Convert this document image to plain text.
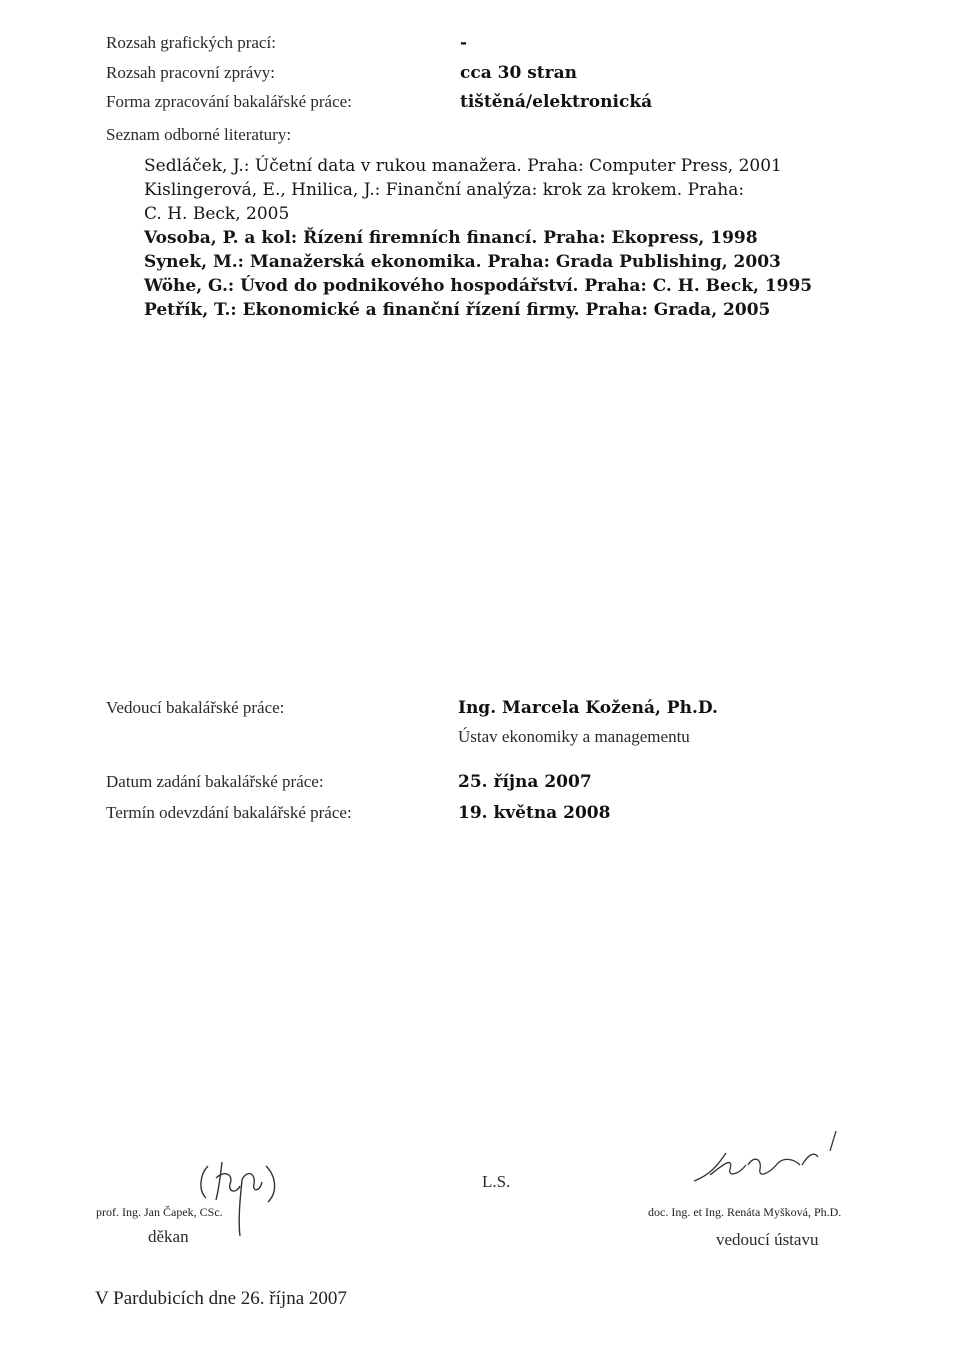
Rozsah grafických prací:	-
Rozsah pracovní zprávy:	cca 30 stran
Forma zpracování bakalářské práce:	tištěná/elektronická
Seznam odborné literatury:
Sedláček, J.: Účetní data v rukou manažera. Praha: Computer Press, 2001
Kislingerová, E., Hnilica, J.: Finanční analýza: krok za krokem. Praha:
C. H. Beck, 2005
Vosoba, P. a kol: Řízení firemních financí. Praha: Ekopress, 1998
Synek, M.: Manažerská ekonomika. Praha: Grada Publishing, 2003
Wöhe, G.: Úvod do podnikového hospodářství. Praha: C. H. Beck, 1995
Petřík, T.: Ekonomické a finanční řízení firmy. Praha: Grada, 2005
Vedoucí bakalářské práce:	Ing. Marcela Kožená, Ph.D.
Ústav ekonomiky a managementu
Datum zadání bakalářské práce:	25. října 2007
Termín odevzdání bakalářské práce:	19. května 2008
prof. Ing. Jan Čapek, CSc.
děkan
L.S.
doc. Ing. et Ing. Renáta Myšková, Ph.D.
vedoucí ústavu
V Pardubicích dne 26. října 2007
